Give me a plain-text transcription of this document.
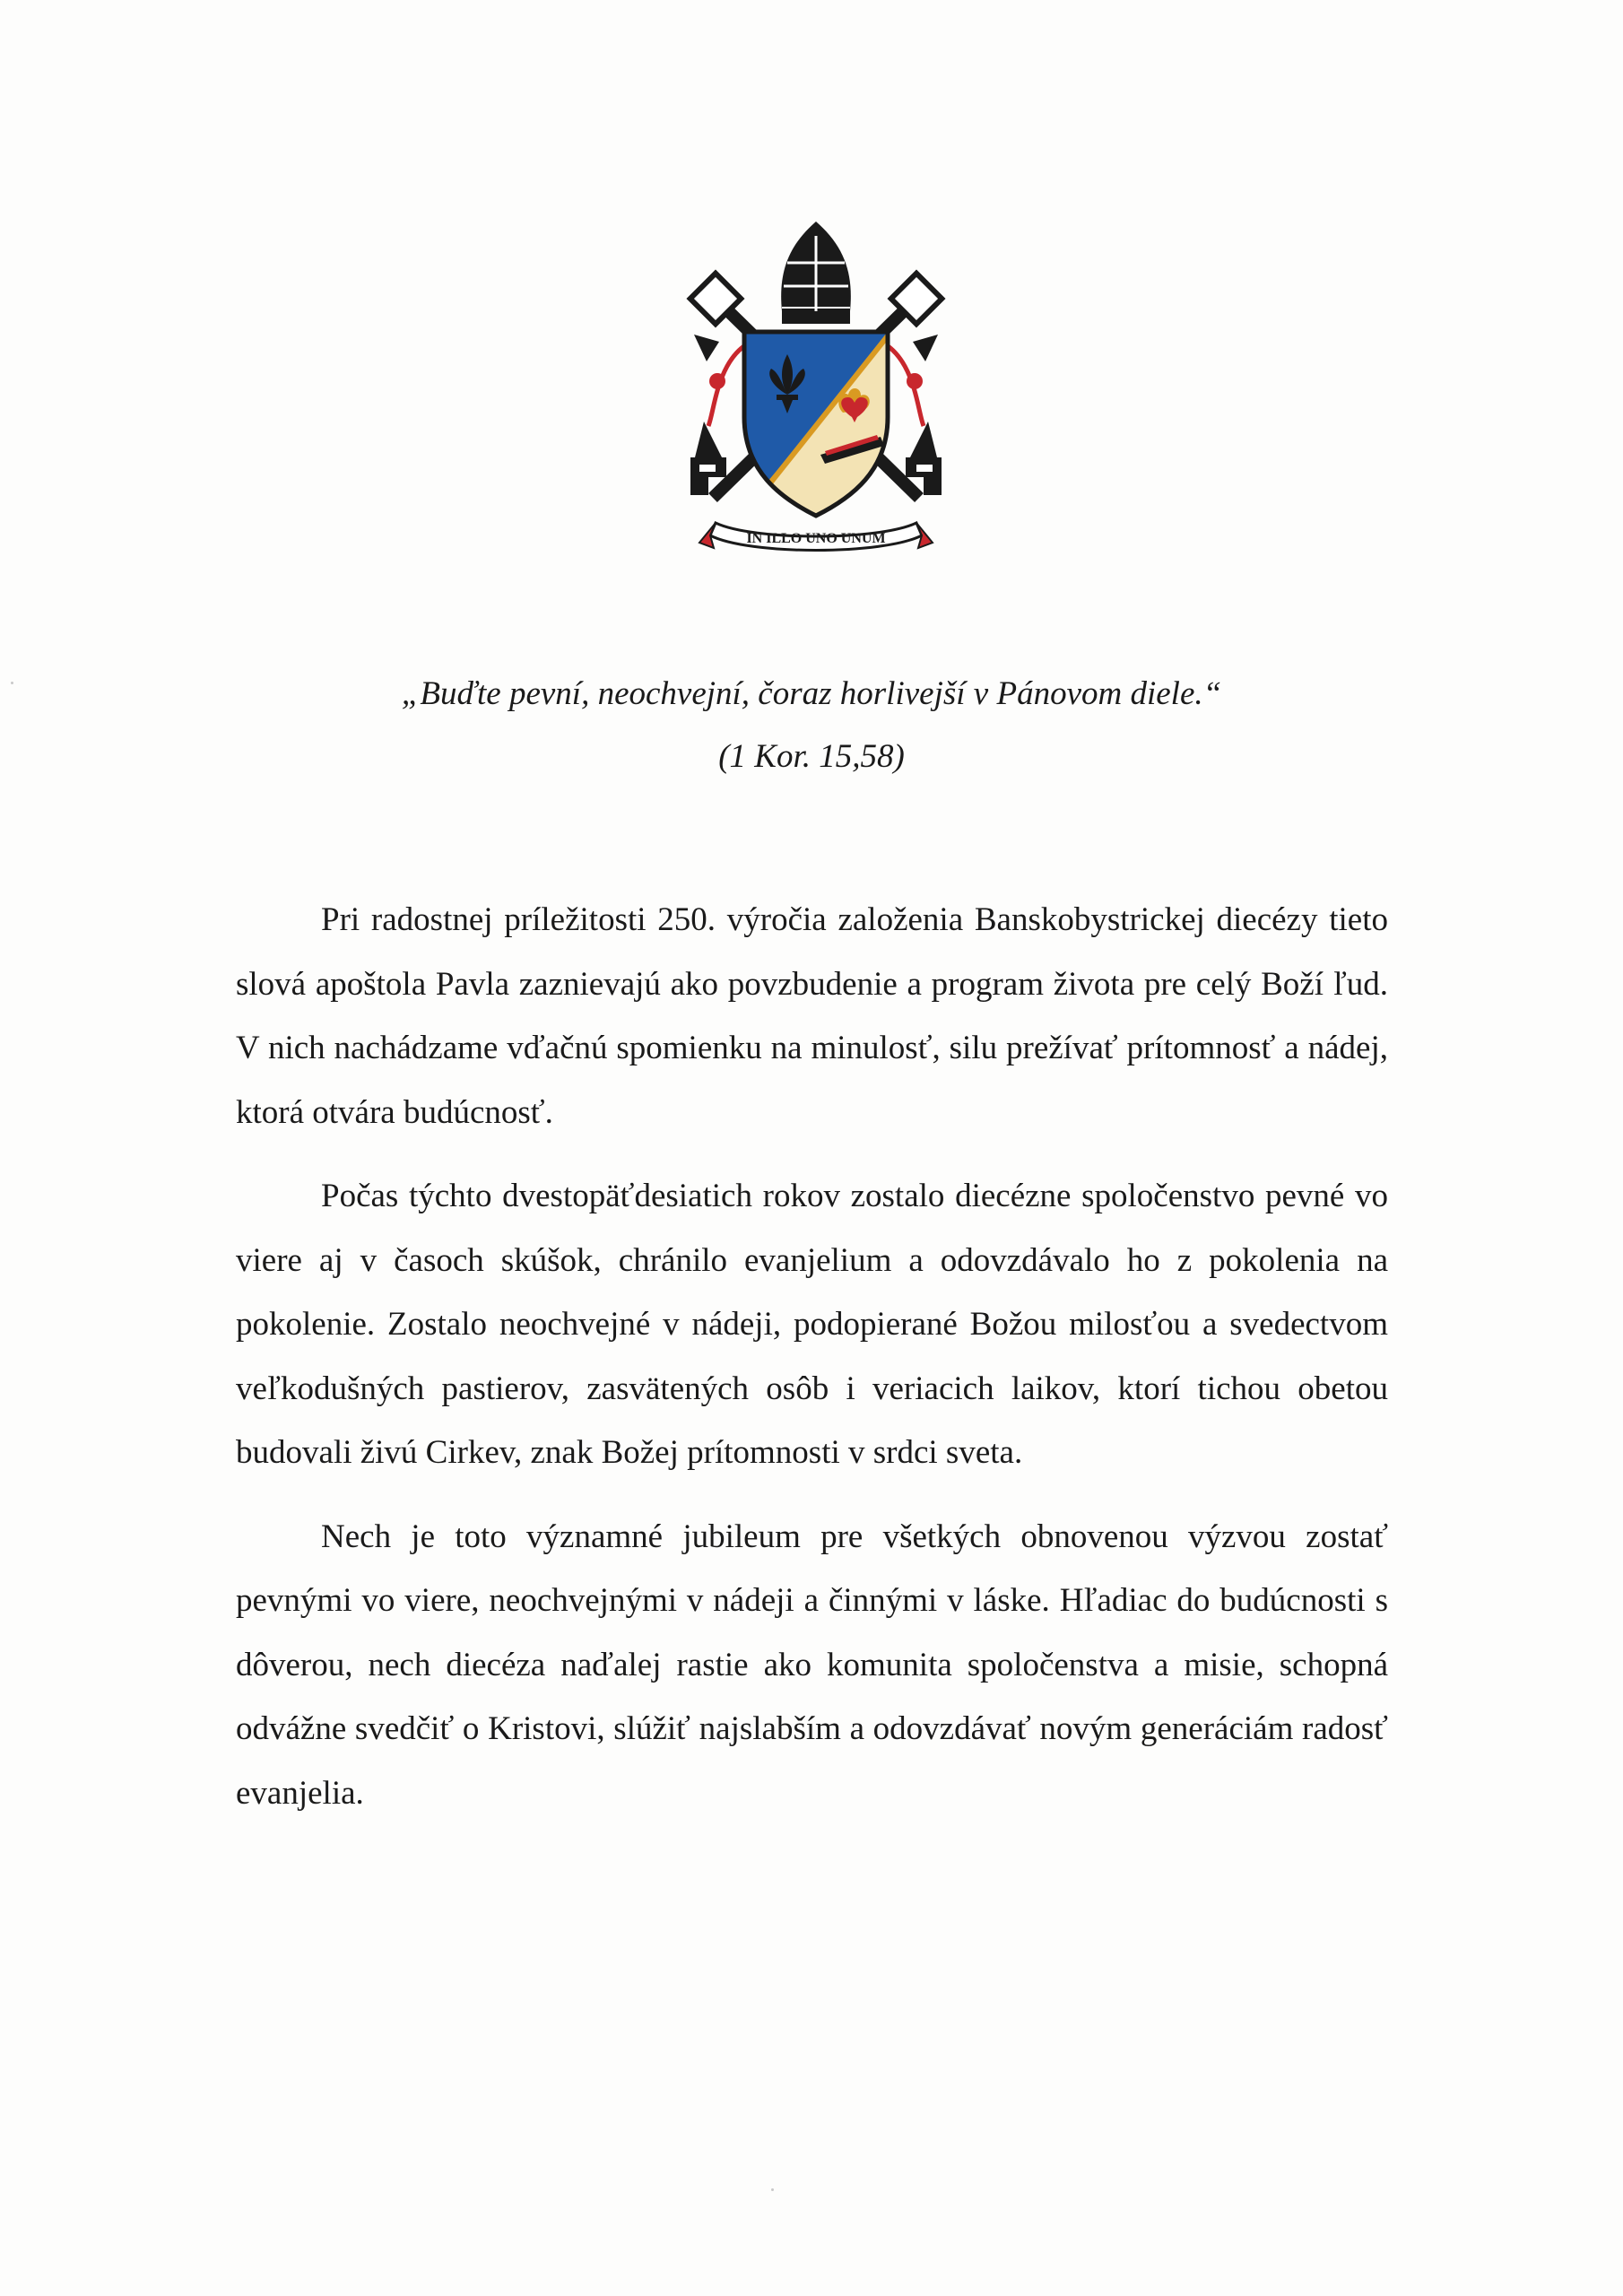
IN ILLO UNO UNUM
„Buďte pevní, neochvejní, čoraz horlivejší v Pánovom diele.“
(1 Kor. 15,58)

Pri radostnej príležitosti 250. výročia založenia Banskobystrickej diecézy tieto slová apoštola Pavla zaznievajú ako povzbudenie a program života pre celý Boží ľud. V nich nachádzame vďačnú spomienku na minulosť, silu prežívať prítomnosť a nádej, ktorá otvára budúcnosť.

Počas týchto dvestopäťdesiatich rokov zostalo diecézne spoločenstvo pevné vo viere aj v časoch skúšok, chránilo evanjelium a odovzdávalo ho z pokolenia na pokolenie. Zostalo neochvejné v nádeji, podopierané Božou milosťou a svedectvom veľkodušných pastierov, zasvätených osôb i veriacich laikov, ktorí tichou obetou budovali živú Cirkev, znak Božej prítomnosti v srdci sveta.

Nech je toto významné jubileum pre všetkých obnovenou výzvou zostať pevnými vo viere, neochvejnými v nádeji a činnými v láske. Hľadiac do budúcnosti s dôverou, nech diecéza naďalej rastie ako komunita spoločenstva a misie, schopná odvážne svedčiť o Kristovi, slúžiť najslabším a odovzdávať novým generáciám radosť evanjelia.
